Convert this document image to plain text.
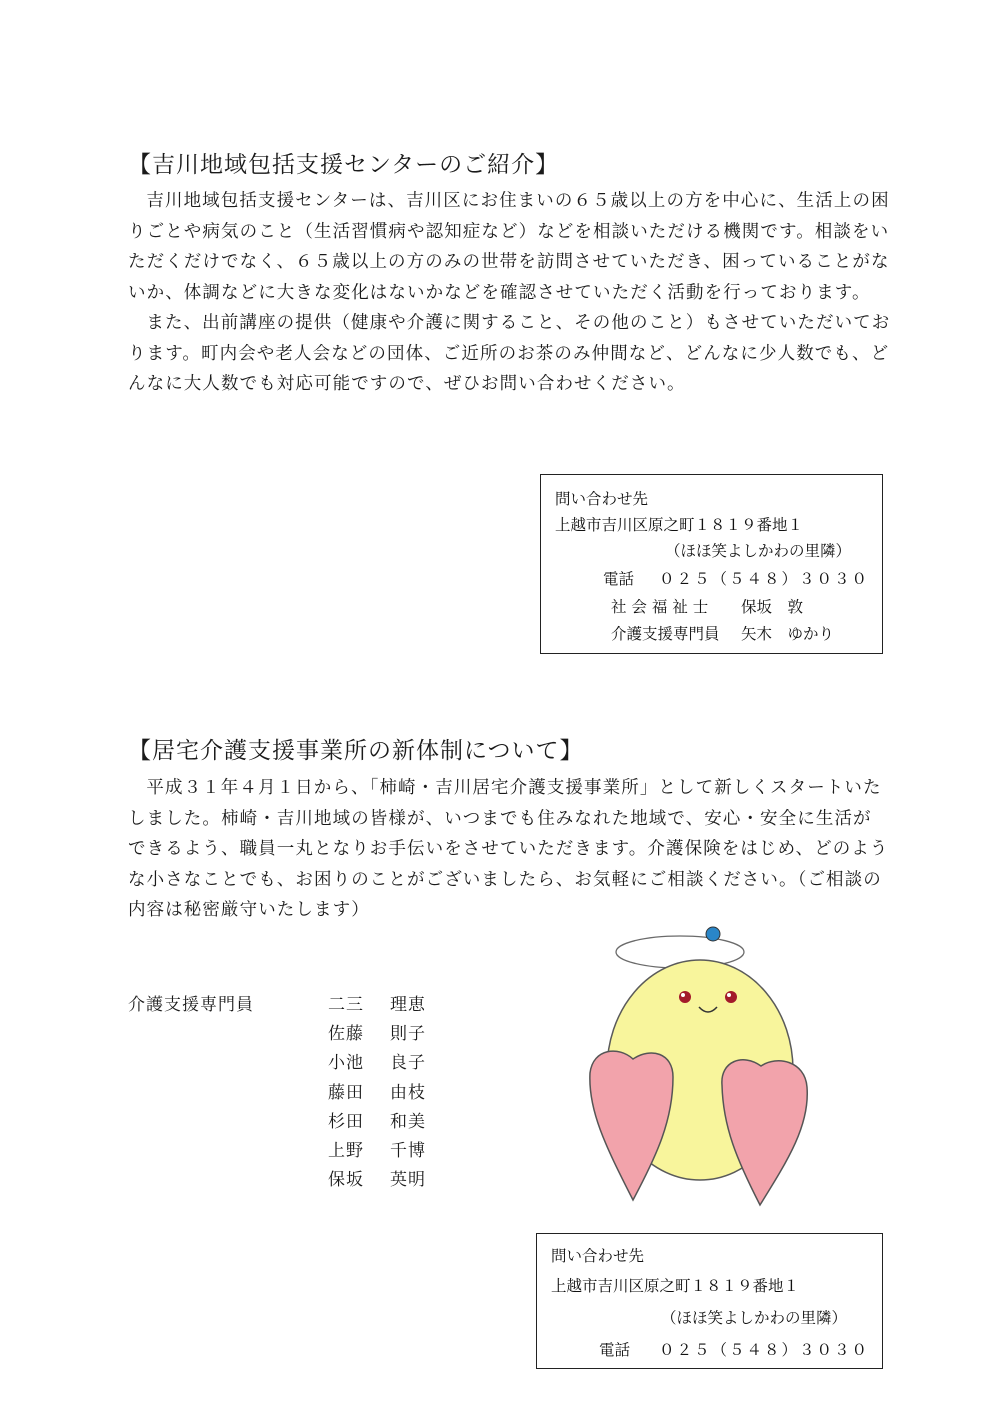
【吉川地域包括支援センターのご紹介】

吉川地域包括支援センターは、吉川区にお住まいの６５歳以上の方を中心に、生活上の困りごとや病気のこと（生活習慣病や認知症など）などを相談いただける機関です。相談をいただくだけでなく、６５歳以上の方のみの世帯を訪問させていただき、困っていることがないか、体調などに大きな変化はないかなどを確認させていただく活動を行っております。

また、出前講座の提供（健康や介護に関すること、その他のこと）もさせていただいております。町内会や老人会などの団体、ご近所のお茶のみ仲間など、どんなに少人数でも、どんなに大人数でも対応可能ですので、ぜひお問い合わせください。

問い合わせ先
上越市吉川区原之町１８１９番地１
（ほほ笑よしかわの里隣）
電話 ０２５（５４８）３０３０
社 会 福 祉 士 保坂　敦
介護支援専門員 矢木　ゆかり
【居宅介護支援事業所の新体制について】

平成３１年４月１日から、「柿崎・吉川居宅介護支援事業所」として新しくスタートいたしました。柿崎・吉川地域の皆様が、いつまでも住みなれた地域で、安心・安全に生活ができるよう、職員一丸となりお手伝いをさせていただきます。介護保険をはじめ、どのような小さなことでも、お困りのことがございましたら、お気軽にご相談ください。（ご相談の内容は秘密厳守いたします）

介護支援専門員	二三 理恵
佐藤 則子
小池 良子
藤田 由枝
杉田 和美
上野 千博
保坂 英明
問い合わせ先
上越市吉川区原之町１８１９番地１
（ほほ笑よしかわの里隣）
電話 ０２５（５４８）３０３０
